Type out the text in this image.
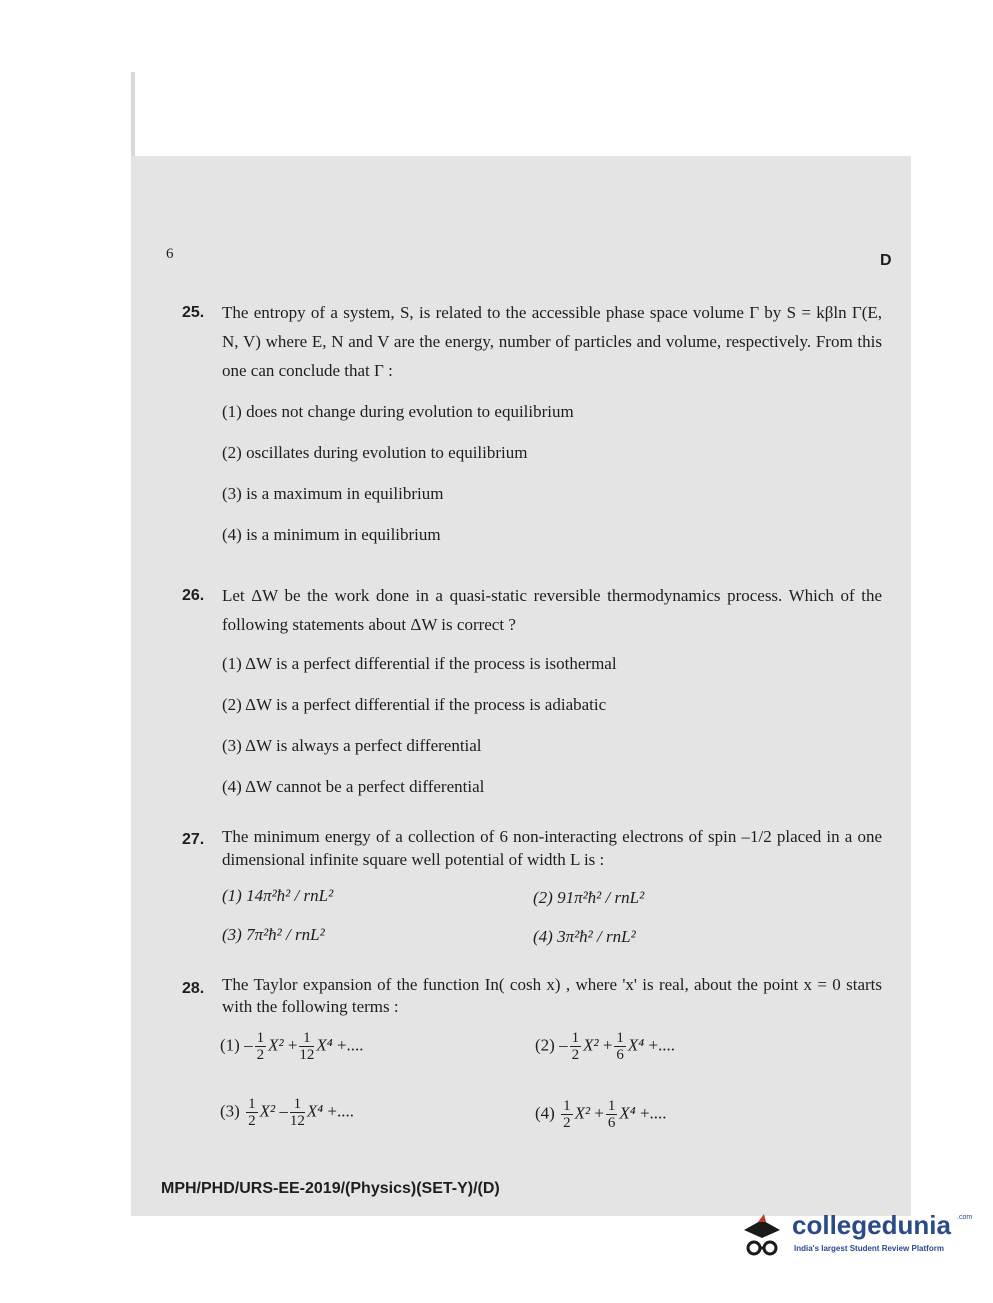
6	D
25. The entropy of a system, S, is related to the accessible phase space volume Γ by S = kβln Γ(E, N, V) where E, N and V are the energy, number of particles and volume, respectively. From this one can conclude that Γ :
(1) does not change during evolution to equilibrium
(2) oscillates during evolution to equilibrium
(3) is a maximum in equilibrium
(4) is a minimum in equilibrium
26. Let ΔW be the work done in a quasi-static reversible thermodynamics process. Which of the following statements about ΔW is correct ?
(1) ΔW is a perfect differential if the process is isothermal
(2) ΔW is a perfect differential if the process is adiabatic
(3) ΔW is always a perfect differential
(4) ΔW cannot be a perfect differential
27. The minimum energy of a collection of 6 non-interacting electrons of spin –1/2 placed in a one dimensional infinite square well potential of width L is :
(1) 14π²ħ² / rnL²	(2) 91π²ħ² / rnL²
(3) 7π²ħ² / rnL²	(4) 3π²ħ² / rnL²
28. The Taylor expansion of the function In( cosh x) , where 'x' is real, about the point x = 0 starts with the following terms :
$(1) - \frac{1}{2} X^2 + \frac{1}{12} X^4$ +....	$(2) - \frac{1}{2} X^2 + \frac{1}{6} X^4$ +....
$(3) \frac{1}{2} X^2 - \frac{1}{12} X^4$ +....	$(4) \frac{1}{2} X^2 + \frac{1}{6} X^4$ +....
MPH/PHD/URS-EE-2019/(Physics)(SET-Y)/(D)
collegedunia .com
India's largest Student Review Platform
